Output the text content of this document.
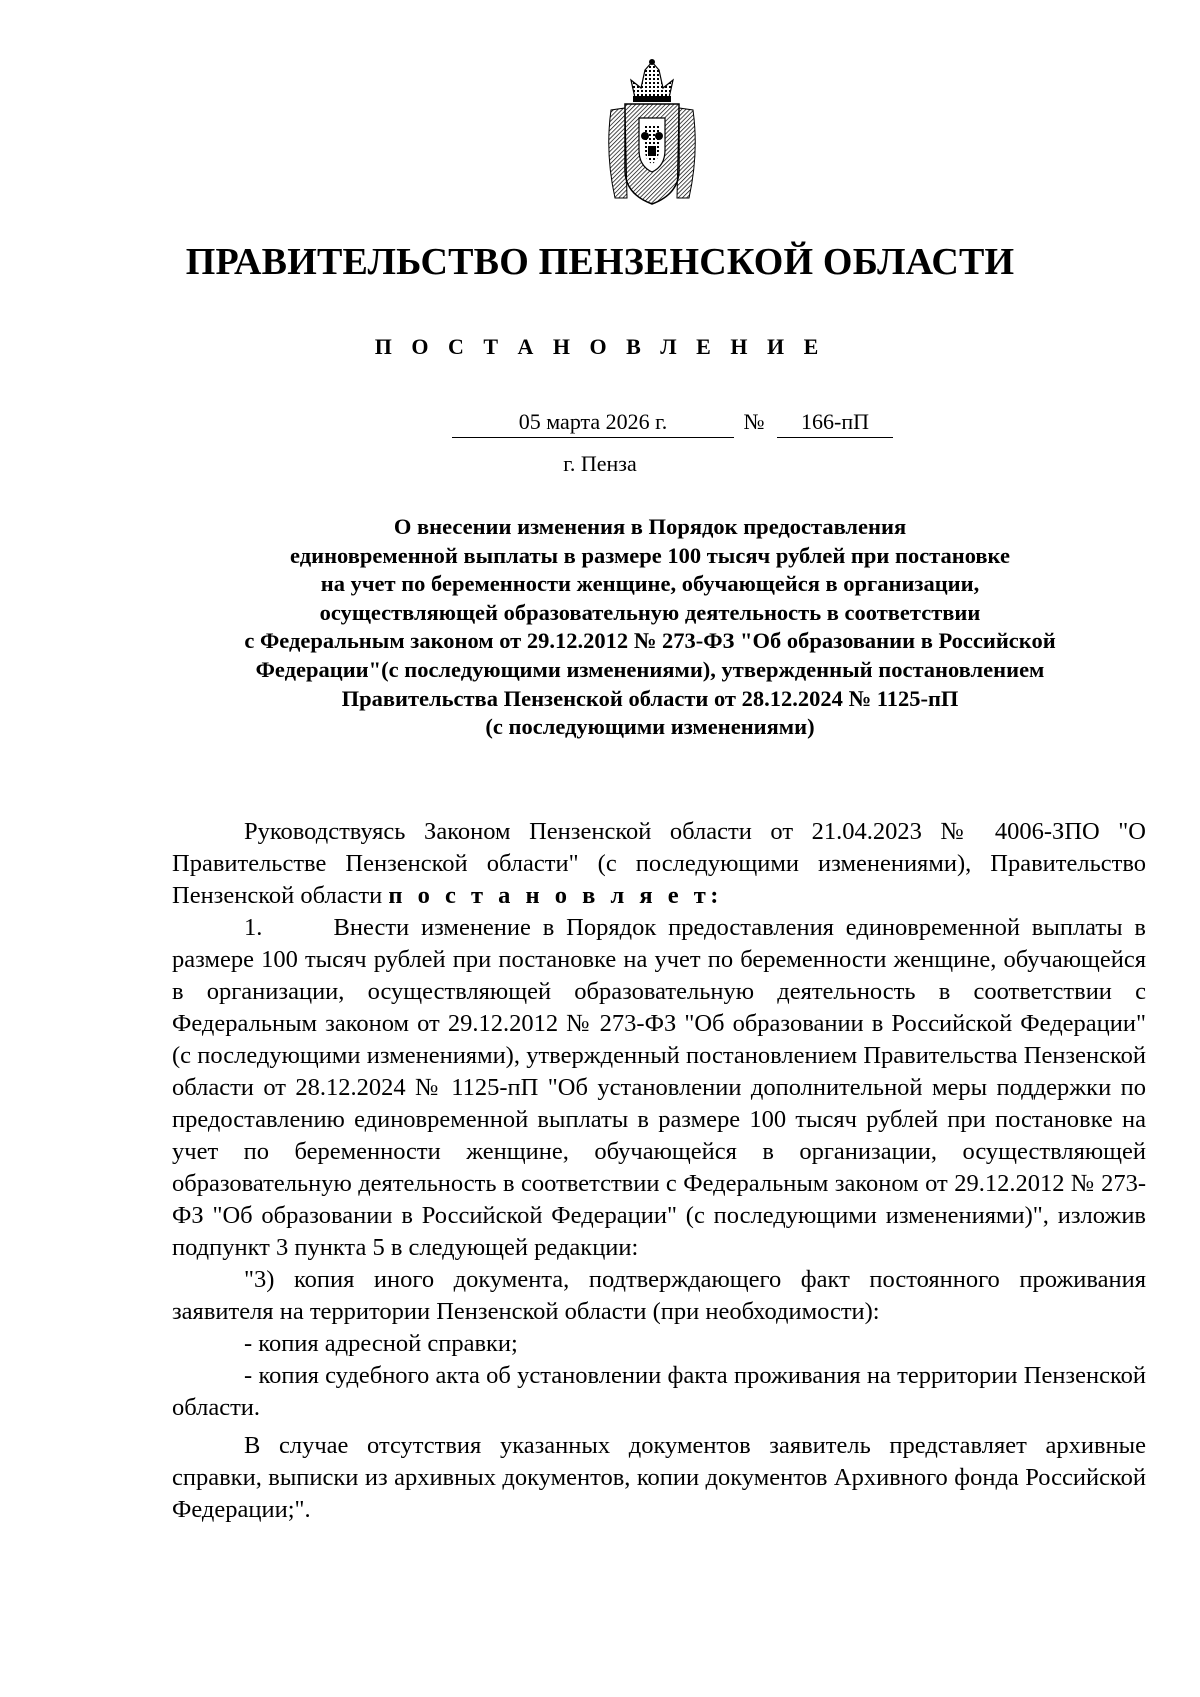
ПРАВИТЕЛЬСТВО ПЕНЗЕНСКОЙ ОБЛАСТИ
П О С Т А Н О В Л Е Н И Е
05 марта 2026 г.	№	166-пП
г. Пенза
О внесении изменения в Порядок предоставления
единовременной выплаты в размере 100 тысяч рублей при постановке
на учет по беременности женщине, обучающейся в организации,
осуществляющей образовательную деятельность в соответствии
с Федеральным законом от 29.12.2012 № 273-ФЗ "Об образовании в Российской
Федерации"(с последующими изменениями), утвержденный постановлением
Правительства Пензенской области от 28.12.2024 № 1125-пП
(с последующими изменениями)

Руководствуясь Законом Пензенской области от 21.04.2023 № 4006-ЗПО "О Правительстве Пензенской области" (с последующими изменениями), Правительство Пензенской области п о с т а н о в л я е т:

1.      Внести изменение в Порядок предоставления единовременной выплаты в размере 100 тысяч рублей при постановке на учет по беременности женщине, обучающейся в организации, осуществляющей образовательную деятельность в соответствии с Федеральным законом от 29.12.2012 № 273-ФЗ "Об образовании в Российской Федерации" (с последующими изменениями), утвержденный постановлением Правительства Пензенской области от 28.12.2024 № 1125-пП "Об установлении дополнительной меры поддержки по предоставлению единовременной выплаты в размере 100 тысяч рублей при постановке на учет по беременности женщине, обучающейся в организации, осуществляющей образовательную деятельность в соответствии с Федеральным законом от 29.12.2012 № 273-ФЗ "Об образовании в Российской Федерации" (с последующими изменениями)", изложив подпункт 3 пункта 5 в следующей редакции:

"3) копия иного документа, подтверждающего факт постоянного проживания заявителя на территории Пензенской области (при необходимости):

- копия адресной справки;

- копия судебного акта об установлении факта проживания на территории Пензенской области.

В случае отсутствия указанных документов заявитель представляет архивные справки, выписки из архивных документов, копии документов Архивного фонда Российской Федерации;".
